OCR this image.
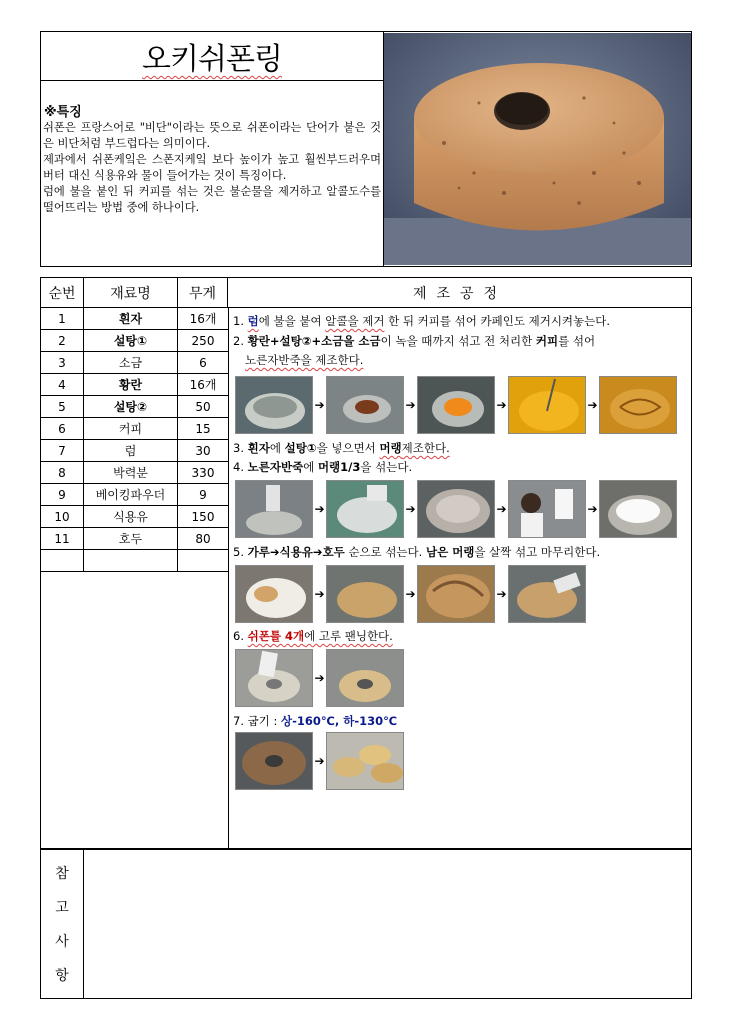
오키쉬폰링
※특징

쉬폰은 프랑스어로 "비단"이라는 뜻으로 쉬폰이라는 단어가 붙은 것은 비단처럼 부드럽다는 의미이다.

제과에서 쉬폰케잌은 스폰지케잌 보다 높이가 높고 훨씬부드러우며 버터 대신 식용유와 물이 들어가는 것이 특징이다.

럼에 불을 붙인 뒤 커피를 섞는 것은 불순물을 제거하고 알콜도수를 떨어뜨리는 방법 중에 하나이다.

순번	재료명	무게	제조공정
1	흰자	16개
2	설탕①	250
3	소금	6
4	황란	16개
5	설탕②	50
6	커피	15
7	럼	30
8	박력분	330
9	베이킹파우더	9
10	식용유	150
11	호두	80
1. 럼에 불을 붙여 알콜을 제거 한 뒤 커피를 섞어 카페인도 제거시켜놓는다.
2. 황란+설탕②+소금을 소금이 녹을 때까지 섞고 전 처리한 커피를 섞어
노른자반죽을 제조한다.
➔	➔	➔	➔
3. 흰자에 설탕①을 넣으면서 머랭제조한다.
4. 노른자반죽에 머랭1/3을 섞는다.
➔	➔	➔	➔
5. 가루➔식용유➔호두 순으로 섞는다. 남은 머랭을 살짝 섞고 마무리한다.
➔	➔	➔
6. 쉬폰틀 4개에 고루 팬닝한다.
➔
7. 굽기 : 상-160℃, 하-130℃
➔
참
고
사
항
